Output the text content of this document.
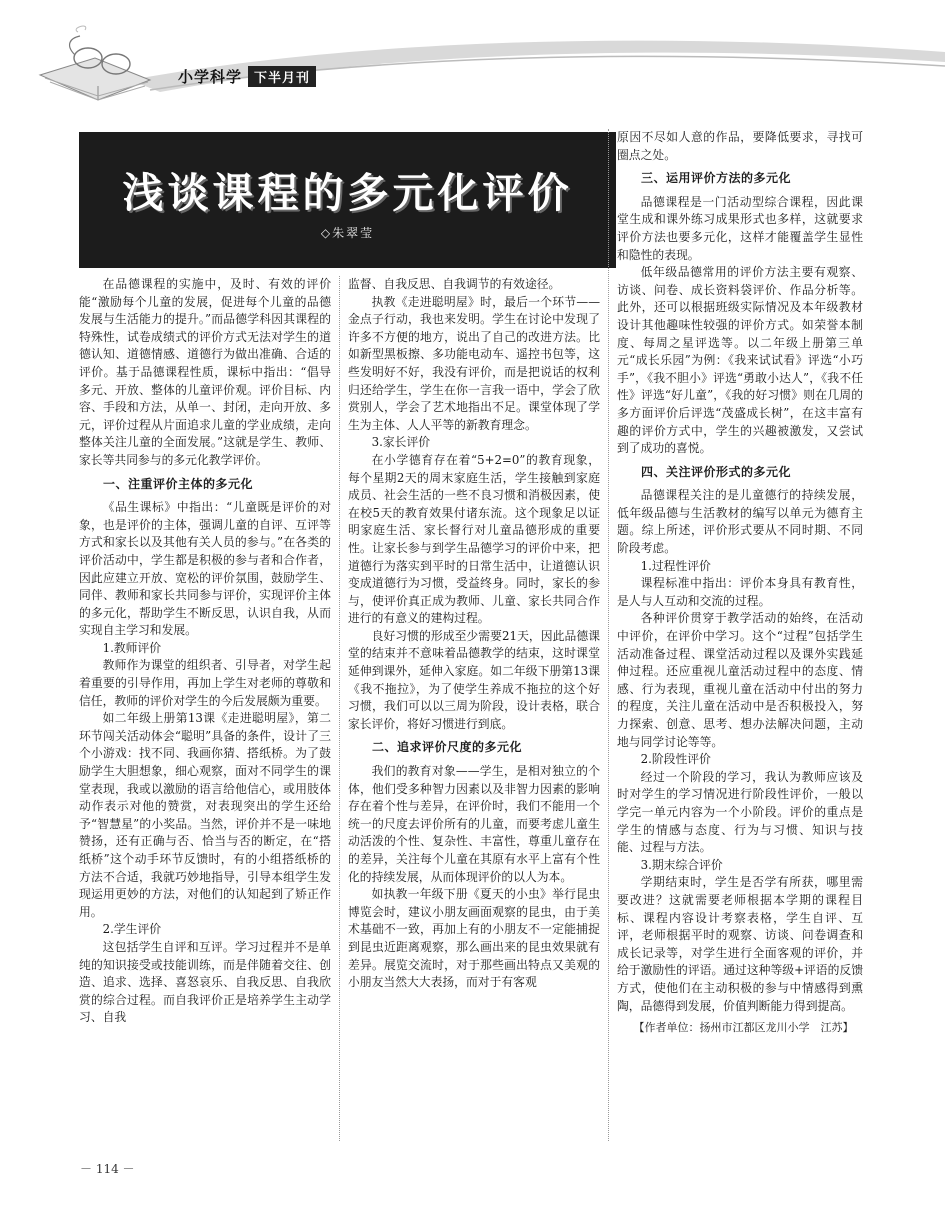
小学科学 下半月刊
浅谈课程的多元化评价
◇朱翠莹

在品德课程的实施中，及时、有效的评价能“激励每个儿童的发展，促进每个儿童的品德发展与生活能力的提升。”而品德学科因其课程的特殊性，试卷成绩式的评价方式无法对学生的道德认知、道德情感、道德行为做出准确、合适的评价。基于品德课程性质，课标中指出：“倡导多元、开放、整体的儿童评价观。评价目标、内容、手段和方法，从单一、封闭，走向开放、多元，评价过程从片面追求儿童的学业成绩，走向整体关注儿童的全面发展。”这就是学生、教师、家长等共同参与的多元化教学评价。

一、注重评价主体的多元化

《品生课标》中指出：“儿童既是评价的对象，也是评价的主体，强调儿童的自评、互评等方式和家长以及其他有关人员的参与。”在各类的评价活动中，学生都是积极的参与者和合作者，因此应建立开放、宽松的评价氛围，鼓励学生、同伴、教师和家长共同参与评价，实现评价主体的多元化，帮助学生不断反思，认识自我，从而实现自主学习和发展。

1.教师评价

教师作为课堂的组织者、引导者，对学生起着重要的引导作用，再加上学生对老师的尊敬和信任，教师的评价对学生的今后发展颇为重要。

如二年级上册第13课《走进聪明屋》，第二环节闯关活动体会“聪明”具备的条件，设计了三个小游戏：找不同、我画你猜、搭纸桥。为了鼓励学生大胆想象，细心观察，面对不同学生的课堂表现，我或以激励的语言给他信心，或用肢体动作表示对他的赞赏，对表现突出的学生还给予“智慧星”的小奖品。当然，评价并不是一味地赞扬，还有正确与否、恰当与否的断定，在“搭纸桥”这个动手环节反馈时，有的小组搭纸桥的方法不合适，我就巧妙地指导，引导本组学生发现运用更妙的方法，对他们的认知起到了矫正作用。

2.学生评价

这包括学生自评和互评。学习过程并不是单纯的知识接受或技能训练，而是伴随着交往、创造、追求、选择、喜怒哀乐、自我反思、自我欣赏的综合过程。而自我评价正是培养学生主动学习、自我

监督、自我反思、自我调节的有效途径。

执教《走进聪明屋》时，最后一个环节——金点子行动，我也来发明。学生在讨论中发现了许多不方便的地方，说出了自己的改进方法。比如新型黑板擦、多功能电动车、遥控书包等，这些发明好不好，我没有评价，而是把说话的权利归还给学生，学生在你一言我一语中，学会了欣赏别人，学会了艺术地指出不足。课堂体现了学生为主体、人人平等的新教育理念。

3.家长评价

在小学德育存在着“5+2=0”的教育现象，每个星期2天的周末家庭生活，学生接触到家庭成员、社会生活的一些不良习惯和消极因素，使在校5天的教育效果付诸东流。这个现象足以证明家庭生活、家长督行对儿童品德形成的重要性。让家长参与到学生品德学习的评价中来，把道德行为落实到平时的日常生活中，让道德认识变成道德行为习惯，受益终身。同时，家长的参与，使评价真正成为教师、儿童、家长共同合作进行的有意义的建构过程。

良好习惯的形成至少需要21天，因此品德课堂的结束并不意味着品德教学的结束，这时课堂延伸到课外，延伸入家庭。如二年级下册第13课《我不拖拉》，为了使学生养成不拖拉的这个好习惯，我们可以以三周为阶段，设计表格，联合家长评价，将好习惯进行到底。

二、追求评价尺度的多元化

我们的教育对象——学生，是相对独立的个体，他们受多种智力因素以及非智力因素的影响存在着个性与差异，在评价时，我们不能用一个统一的尺度去评价所有的儿童，而要考虑儿童生动活泼的个性、复杂性、丰富性，尊重儿童存在的差异，关注每个儿童在其原有水平上富有个性化的持续发展，从而体现评价的以人为本。

如执教一年级下册《夏天的小虫》举行昆虫博览会时，建议小朋友画面观察的昆虫，由于美术基础不一致，再加上有的小朋友不一定能捕捉到昆虫近距离观察，那么画出来的昆虫效果就有差异。展览交流时，对于那些画出特点又美观的小朋友当然大大表扬，而对于有客观

原因不尽如人意的作品，要降低要求，寻找可圈点之处。

三、运用评价方法的多元化

品德课程是一门活动型综合课程，因此课堂生成和课外练习成果形式也多样，这就要求评价方法也要多元化，这样才能覆盖学生显性和隐性的表现。

低年级品德常用的评价方法主要有观察、访谈、问卷、成长资料袋评价、作品分析等。此外，还可以根据班级实际情况及本年级教材设计其他趣味性较强的评价方式。如荣誉本制度、每周之星评选等。以二年级上册第三单元“成长乐园”为例：《我来试试看》评选“小巧手”，《我不胆小》评选“勇敢小达人”，《我不任性》评选“好儿童”，《我的好习惯》则在几周的多方面评价后评选“茂盛成长树”，在这丰富有趣的评价方式中，学生的兴趣被激发，又尝试到了成功的喜悦。

四、关注评价形式的多元化

品德课程关注的是儿童德行的持续发展，低年级品德与生活教材的编写以单元为德育主题。综上所述，评价形式要从不同时期、不同阶段考虑。

1.过程性评价

课程标准中指出：评价本身具有教育性，是人与人互动和交流的过程。

各种评价贯穿于教学活动的始终，在活动中评价，在评价中学习。这个“过程”包括学生活动准备过程、课堂活动过程以及课外实践延伸过程。还应重视儿童活动过程中的态度、情感、行为表现，重视儿童在活动中付出的努力的程度，关注儿童在活动中是否积极投入，努力探索、创意、思考、想办法解决问题，主动地与同学讨论等等。

2.阶段性评价

经过一个阶段的学习，我认为教师应该及时对学生的学习情况进行阶段性评价，一般以学完一单元内容为一个小阶段。评价的重点是学生的情感与态度、行为与习惯、知识与技能、过程与方法。

3.期末综合评价

学期结束时，学生是否学有所获，哪里需要改进？这就需要老师根据本学期的课程目标、课程内容设计考察表格，学生自评、互评，老师根据平时的观察、访谈、问卷调查和成长记录等，对学生进行全面客观的评价，并给于激励性的评语。通过这种等级+评语的反馈方式，使他们在主动积极的参与中情感得到熏陶，品德得到发展，价值判断能力得到提高。

【作者单位：扬州市江都区龙川小学　江苏】

－ 114 －
